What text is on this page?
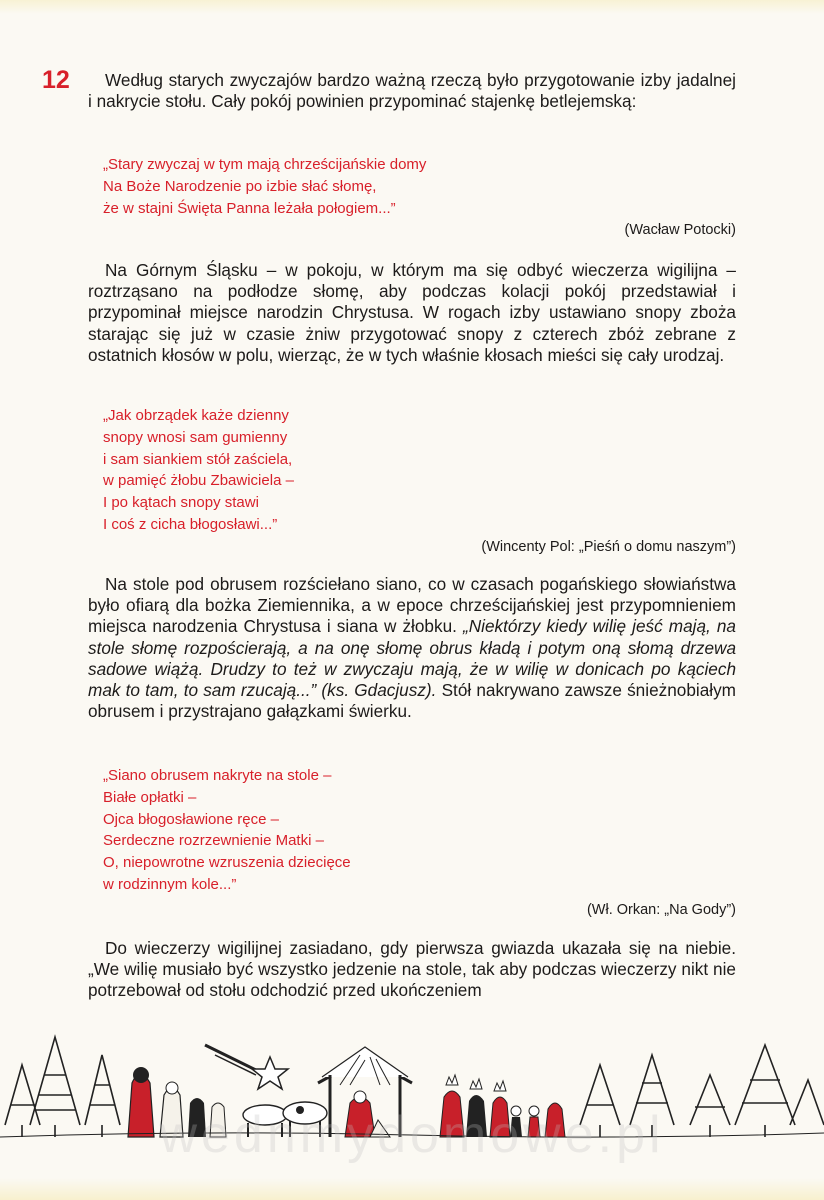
12	Według starych zwyczajów bardzo ważną rzeczą było przygotowanie izby jadalnej i nakrycie stołu. Cały pokój powinien przypominać stajenkę betlejemską:

„Stary zwyczaj w tym mają chrześcijańskie domy
Na Boże Narodzenie po izbie słać słomę,
że w stajni Święta Panna leżała połogiem...”
(Wacław Potocki)

Na Górnym Śląsku – w pokoju, w którym ma się odbyć wieczerza wigilijna – roztrząsano na podłodze słomę, aby podczas kolacji pokój przedstawiał i przypominał miejsce narodzin Chrystusa. W rogach izby ustawiano snopy zboża starając się już w czasie żniw przygotować snopy z czterech zbóż zebrane z ostatnich kłosów w polu, wierząc, że w tych właśnie kłosach mieści się cały urodzaj.

„Jak obrządek każe dzienny
snopy wnosi sam gumienny
i sam siankiem stół zaściela,
w pamięć żłobu Zbawiciela –
I po kątach snopy stawi
I coś z cicha błogosławi...”
(Wincenty Pol: „Pieśń o domu naszym”)

Na stole pod obrusem rozściełano siano, co w czasach pogańskiego słowiaństwa było ofiarą dla bożka Ziemiennika, a w epoce chrześcijańskiej jest przypomnieniem miejsca narodzenia Chrystusa i siana w żłobku. „Niektórzy kiedy wilię jeść mają, na stole słomę rozpościerają, a na onę słomę obrus kładą i potym oną słomą drzewa sadowe wiążą. Drudzy to też w zwyczaju mają, że w wilię w donicach po kąciech mak to tam, to sam rzucają...” (ks. Gdacjusz). Stół nakrywano zawsze śnieżnobiałym obrusem i przystrajano gałązkami świerku.

„Siano obrusem nakryte na stole –
Białe opłatki –
Ojca błogosławione ręce –
Serdeczne rozrzewnienie Matki –
O, niepowrotne wzruszenia dziecięce
w rodzinnym kole...”
(Wł. Orkan: „Na Gody”)

Do wieczerzy wigilijnej zasiadano, gdy pierwsza gwiazda ukazała się na niebie. „We wilię musiało być wszystko jedzenie na stole, tak aby podczas wieczerzy nikt nie potrzebował od stołu odchodzić przed ukończeniem

wednmydomowe.pl
